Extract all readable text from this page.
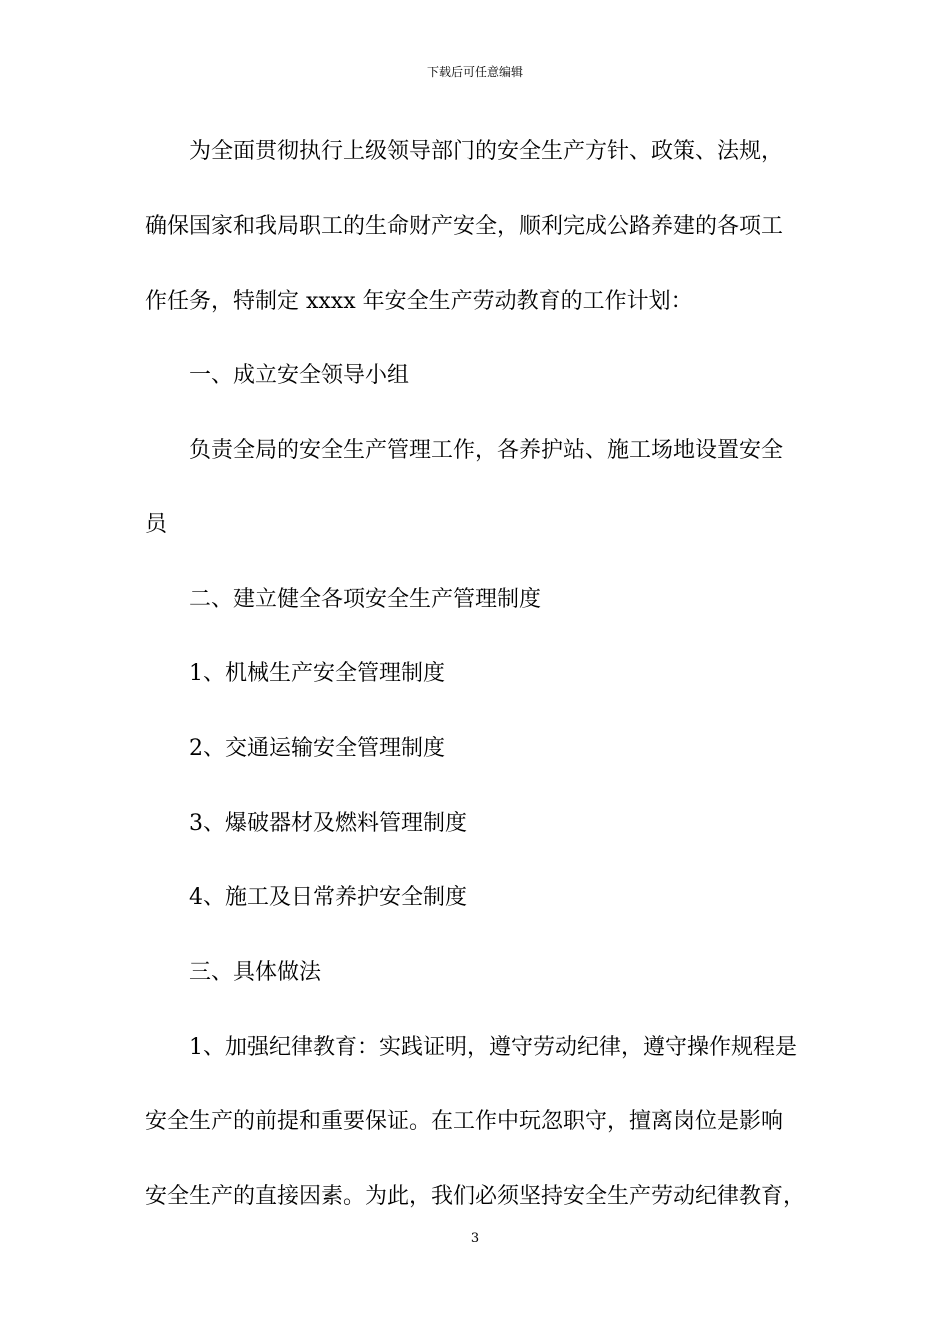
下载后可任意编辑
为全面贯彻执行上级领导部门的安全生产方针、政策、法规，
确保国家和我局职工的生命财产安全，顺利完成公路养建的各项工
作任务，特制定 xxxx 年安全生产劳动教育的工作计划：
一、成立安全领导小组
负责全局的安全生产管理工作，各养护站、施工场地设置安全
员
二、建立健全各项安全生产管理制度
1、机械生产安全管理制度
2、交通运输安全管理制度
3、爆破器材及燃料管理制度
4、施工及日常养护安全制度
三、具体做法
1、加强纪律教育：实践证明，遵守劳动纪律，遵守操作规程是
安全生产的前提和重要保证。在工作中玩忽职守，擅离岗位是影响
安全生产的直接因素。为此，我们必须坚持安全生产劳动纪律教育，
3
